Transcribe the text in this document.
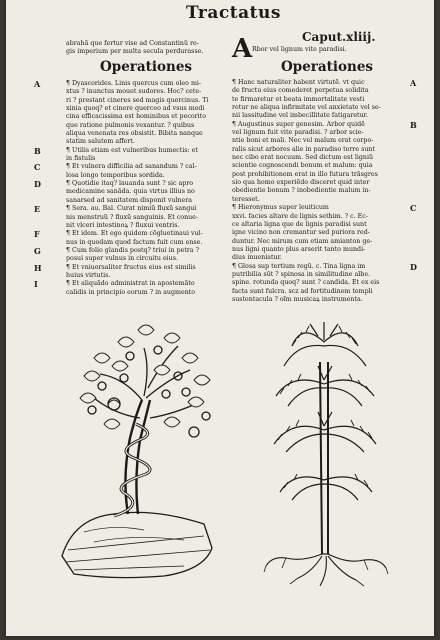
Tractatus

abrahã que fertur vise ad Constantinũ re-

gis imperium per multa secula perdurasse.

Operationes

¶ Dyascorides. Linis quercus cum oleo mi-

xtus ? inunctus mouet sudores. Hoc? cete-

ri ? prestant cineres sed magis quercinus. Ti

xinia quoq? et cinere querceo ad vsus medi

cina efficacissima est hominibus et pecorito

que ratione pulmonis vexantur. ? quibus

aliqua venenata res obsistit. Bibita nanque

statim salutem affert.

¶ Utilis etiam est vulneribus humectis: et

in fistulis

¶ Et vulnera difficilia ad sanandum ? cal-

losa longo temporibus sordida.

¶ Quotidie itaq? lauanda sunt ? sic apro

medicamine sanãda. quia virtus illius no

sanarsed ad sanitatem disponit vulnera

¶ Sera. au. Bal. Curat nimiũ fluxũ sangui

nis menstruũ ? fluxũ sanguinis. Et conue-

nit vlceri intestinoꝝ ? fluxui ventris.

¶ Et idem. Et ego quidem cõgluetinaui vul-

nus in quodam quod factum fuit cum ense.

¶ Cum folio glandis postq? triui in petra ?

posui super vulnus in circuitu eius.

¶ Et vniuersaliter fructus eius est similis

huius virtutis.

¶ Et aliquãdo administrat in apostemãto

calidis in principio eorum ? in augmento

A
B
C
D
E
F
G
H
I
Caput.xliij.
A Rbor vel lignum vite paradisi.
Operationes

¶ Hanc naturaliter habent virtutẽ. vt quic

de fructu eius comederet perpetua solidita

te firmaretur et beata immortalitate vesti

retur ne aliqua infirmitate vel anxietate vel se-

nii lassitudine vel imbecillitate fatigaretur.

¶ Augustinus super genesim. Arbor quidẽ

vel lignum fuit vite paradisi. ? arbor scie-

ntie boni et mali. Nec vel malum erat corpo-

ralis sicut arbores alie in paradiso terre sunt

nec cibo erat nocuum. Sed dictum est ligniũ

scientie cognoscendi bonum et malum: quia

post prohibitionem erat in illo futura trãsgres

sio qua homo experiẽdo disceret quid inter

obedientie bonum ? inobedientie malum in-

teresset.

¶ Hieronymus super leuiticum

xxvi. facies altare de lignis sethim. ? c. Ec-

ce altaria ligna que de lignis paradisi sunt

igne vicino non cremantur sed puriora red-

duntur. Nec mirum cum etiam amianton ge-

nus ligni quanto plus arserit tanto mundi-

dius inueniatur.

¶ Glosa sup tertium regũ. c. Tina ligna im

putribilia sũt ? spinosa in similitudine albe.

spine. rotunda quoq? sunt ? candida. Et ex eis

facta sunt fulcra. scz ad fortitudinem templi

sustentacula ? oĩm musicaꝝ instrumenta.

A
B
C
D
